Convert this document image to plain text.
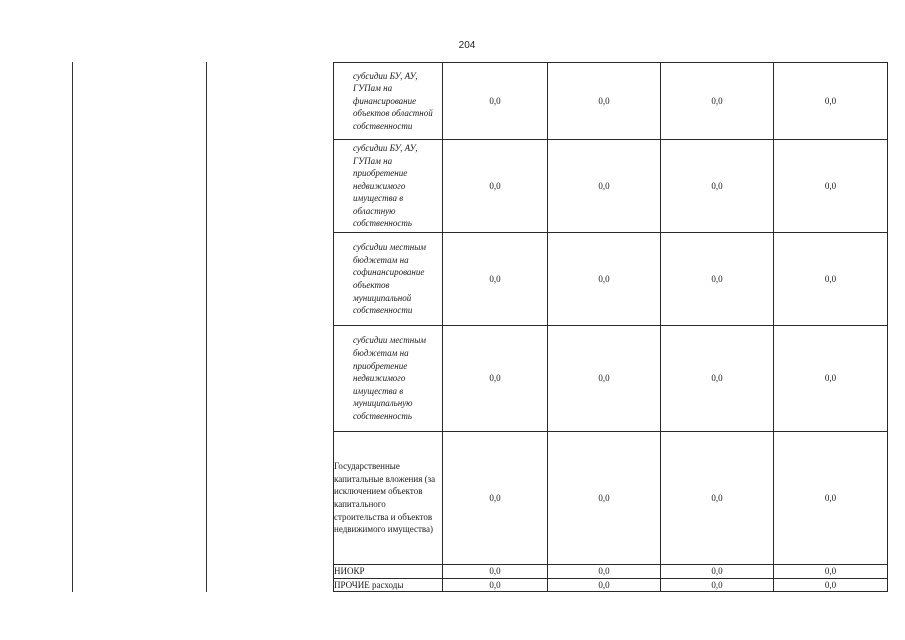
204
субсидии БУ, АУ, ГУПам на финансирование объектов областной собственности	0,0	0,0	0,0	0,0

субсидии БУ, АУ, ГУПам на приобретение недвижимого имущества в областную собственность	0,0	0,0	0,0	0,0

субсидии местным бюджетам на софинансирование объектов муниципальной собственности	0,0	0,0	0,0	0,0

субсидии местным бюджетам на приобретение недвижимого имущества в муниципальную собственность	0,0	0,0	0,0	0,0

Государственные капитальные вложения (за исключением объектов капитального строительства и объектов недвижимого имущества)	0,0	0,0	0,0	0,0

НИОКР	0,0	0,0	0,0	0,0

ПРОЧИЕ расходы	0,0	0,0	0,0	0,0
